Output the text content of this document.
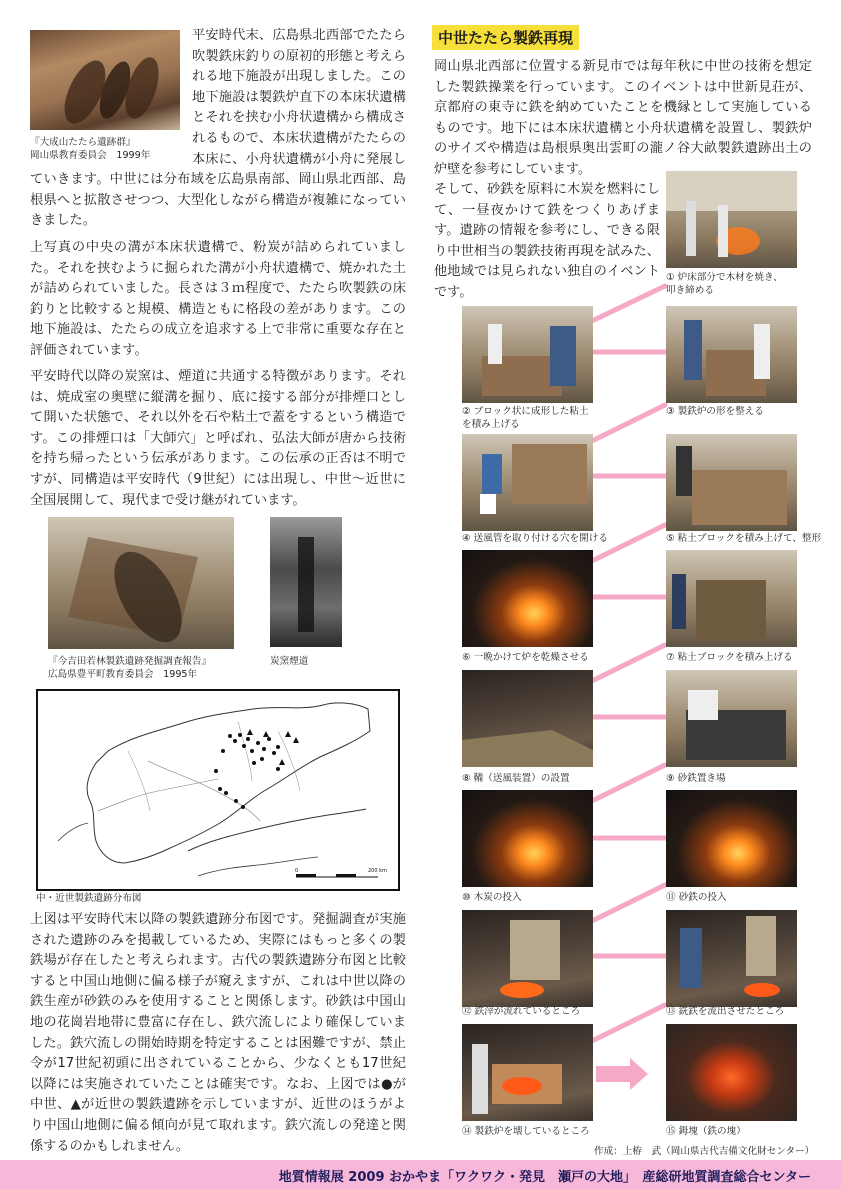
『大成山たたら遺跡群』
岡山県教育委員会　1999年
平安時代末、広島県北西部でたたら吹製鉄床釣りの原初的形態と考えられる地下施設が出現しました。この地下施設は製鉄炉直下の本床状遺構とそれを挟む小舟状遺構から構成されるもので、本床状遺構がたたらの本床に、小舟状遺構が小舟に発展していきます。中世には分布域を広島県南部、岡山県北西部、島根県へと拡散させつつ、大型化しながら構造が複雑になっていきました。
上写真の中央の溝が本床状遺構で、粉炭が詰められていました。それを挟むように掘られた溝が小舟状遺構で、焼かれた土が詰められていました。長さは３ｍ程度で、たたら吹製鉄の床釣りと比較すると規模、構造ともに格段の差があります。この地下施設は、たたらの成立を追求する上で非常に重要な存在と評価されています。
平安時代以降の炭窯は、煙道に共通する特徴があります。それは、焼成室の奥壁に縦溝を掘り、底に接する部分が排煙口として開いた状態で、それ以外を石や粘土で蓋をするという構造です。この排煙口は「大師穴」と呼ばれ、弘法大師が唐から技術を持ち帰ったという伝承があります。この伝承の正否は不明ですが、同構造は平安時代（9世紀）には出現し、中世〜近世に全国展開して、現代まで受け継がれています。
『今吉田若林製鉄遺跡発掘調査報告』
広島県豊平町教育委員会　1995年
炭窯煙道
0	200 km
中・近世製鉄遺跡分布図
上図は平安時代末以降の製鉄遺跡分布図です。発掘調査が実施された遺跡のみを掲載しているため、実際にはもっと多くの製鉄場が存在したと考えられます。古代の製鉄遺跡分布図と比較すると中国山地側に偏る様子が窺えますが、これは中世以降の鉄生産が砂鉄のみを使用することと関係します。砂鉄は中国山地の花崗岩地帯に豊富に存在し、鉄穴流しにより確保していました。鉄穴流しの開始時期を特定することは困難ですが、禁止令が17世紀初頭に出されていることから、少なくとも17世紀以降には実施されていたことは確実です。なお、上図では●が中世、▲が近世の製鉄遺跡を示していますが、近世のほうがより中国山地側に偏る傾向が見て取れます。鉄穴流しの発達と関係するのかもしれません。
中世たたら製鉄再現
岡山県北西部に位置する新見市では毎年秋に中世の技術を想定した製鉄操業を行っています。このイベントは中世新見荘が、京都府の東寺に鉄を納めていたことを機縁として実施しているものです。地下には本床状遺構と小舟状遺構を設置し、製鉄炉のサイズや構造は島根県奥出雲町の瀧ノ谷大畝製鉄遺跡出土の炉壁を参考にしています。
そして、砂鉄を原料に木炭を燃料にして、一昼夜かけて鉄をつくりあげます。遺跡の情報を参考にし、できる限り中世相当の製鉄技術再現を試みた、他地域では見られない独自のイベントです。
① 炉床部分で木材を焼き、
叩き締める
② ブロック状に成形した粘土
を積み上げる
③ 製鉄炉の形を整える
④ 送風管を取り付ける穴を開ける	⑤ 粘土ブロックを積み上げて、整形
⑥ 一晩かけて炉を乾燥させる	⑦ 粘土ブロックを積み上げる
⑧ 鞴（送風装置）の設置	⑨ 砂鉄置き場
⑩ 木炭の投入	⑪ 砂鉄の投入
⑫ 鉄滓が流れているところ	⑬ 銑鉄を流出させたところ
⑭ 製鉄炉を壊しているところ	⑮ 鉧塊（鉄の塊）
作成：上栫　武（岡山県古代吉備文化財センター）
地質情報展 2009 おかやま「ワクワク・発見　瀬戸の大地」　産総研地質調査総合センター
